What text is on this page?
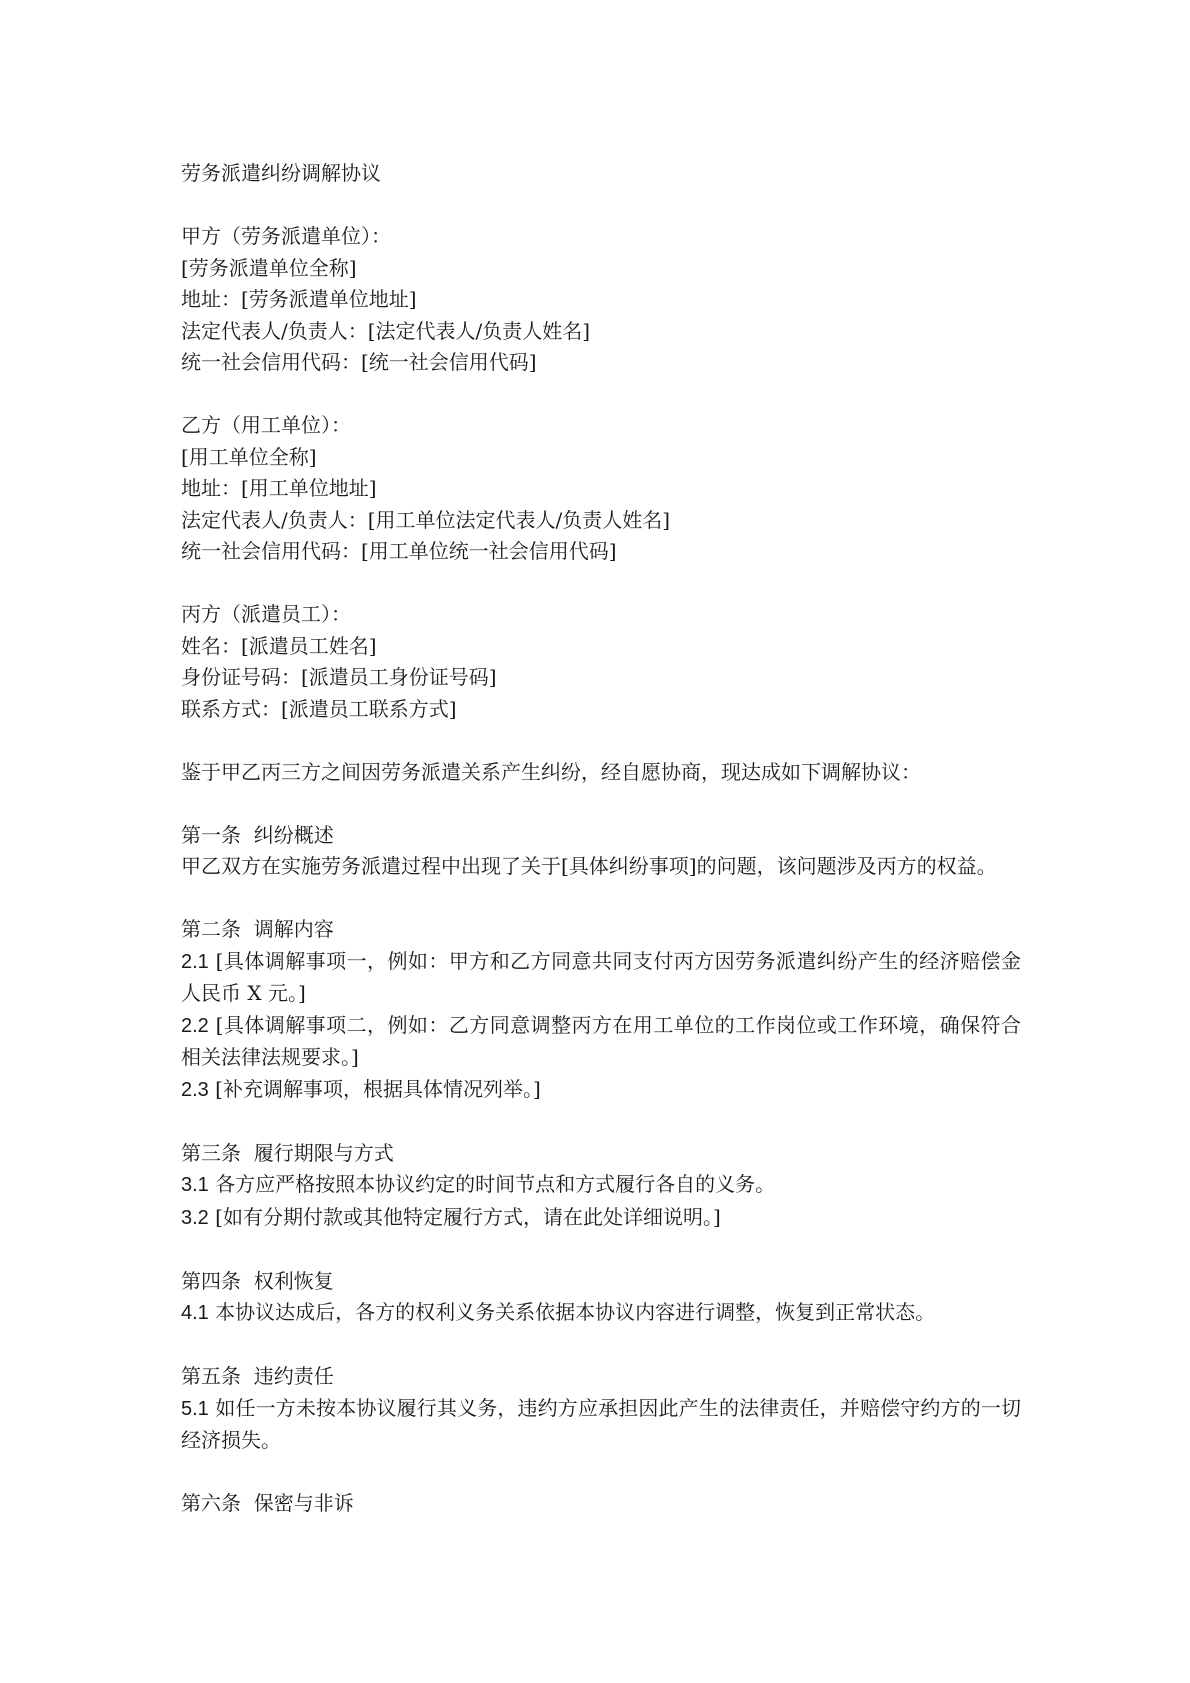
劳务派遣纠纷调解协议
甲方（劳务派遣单位）：
[劳务派遣单位全称]
地址：[劳务派遣单位地址]
法定代表人/负责人：[法定代表人/负责人姓名]
统一社会信用代码：[统一社会信用代码]
乙方（用工单位）：
[用工单位全称]
地址：[用工单位地址]
法定代表人/负责人：[用工单位法定代表人/负责人姓名]
统一社会信用代码：[用工单位统一社会信用代码]
丙方（派遣员工）：
姓名：[派遣员工姓名]
身份证号码：[派遣员工身份证号码]
联系方式：[派遣员工联系方式]
鉴于甲乙丙三方之间因劳务派遣关系产生纠纷，经自愿协商，现达成如下调解协议：
第一条  纠纷概述
甲乙双方在实施劳务派遣过程中出现了关于[具体纠纷事项]的问题，该问题涉及丙方的权益。
第二条  调解内容
2.1 [具体调解事项一，例如：甲方和乙方同意共同支付丙方因劳务派遣纠纷产生的经济赔偿金人民币 X 元。]
2.2 [具体调解事项二，例如：乙方同意调整丙方在用工单位的工作岗位或工作环境，确保符合相关法律法规要求。]
2.3 [补充调解事项，根据具体情况列举。]
第三条  履行期限与方式
3.1 各方应严格按照本协议约定的时间节点和方式履行各自的义务。
3.2 [如有分期付款或其他特定履行方式，请在此处详细说明。]
第四条  权利恢复
4.1 本协议达成后，各方的权利义务关系依据本协议内容进行调整，恢复到正常状态。
第五条  违约责任
5.1 如任一方未按本协议履行其义务，违约方应承担因此产生的法律责任，并赔偿守约方的一切经济损失。
第六条  保密与非诉
